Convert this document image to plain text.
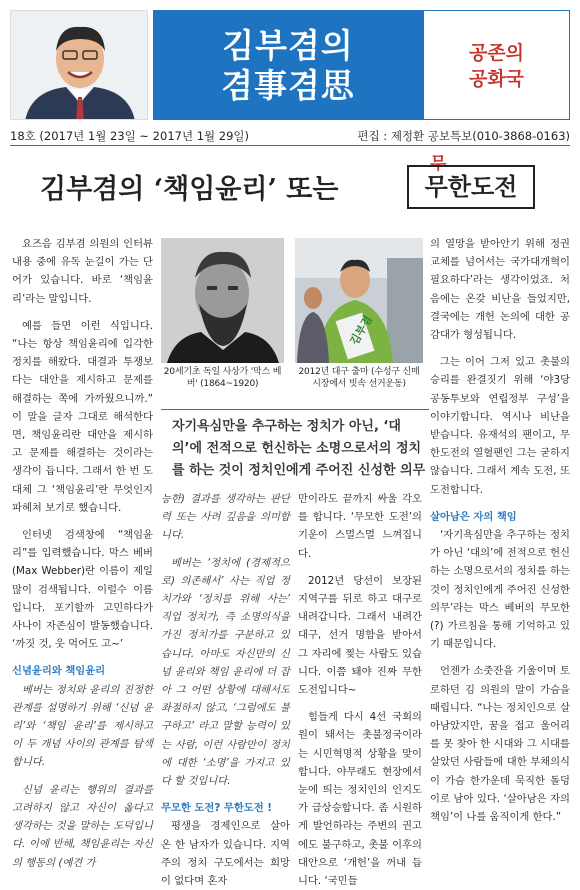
김부겸의
겸事겸思
공존의
공화국
18호 (2017년 1월 23일 ~ 2017년 1월 29일)	편집 : 제정환 공보특보(010-3868-0163)
김부겸의 ‘책임윤리’ 또는
무
무한도전

요즈음 김부겸 의원의 인터뷰 내용 중에 유독 눈길이 가는 단어가 있습니다. 바로 ‘책임윤리’라는 말입니다.

예를 들면 이런 식입니다. “나는 항상 책임윤리에 입각한 정치를 해왔다. 대결과 투쟁보다는 대안을 제시하고 문제를 해결하는 쪽에 가까웠으니까.” 이 말을 글자 그대로 해석한다면, 책임윤리란 대안을 제시하고 문제를 해결하는 것이라는 생각이 듭니다. 그래서 한 번 도대체 그 ‘책임윤리’란 무엇인지 파헤쳐 보기로 했습니다.

인터넷 검색창에 “책임윤리”를 입력했습니다. 막스 베버(Max Webber)란 이름이 제일 많이 검색됩니다. 이럴수 이름입니다. 포기할까 고민하다가 사나이 자존심이 발동했습니다. ‘까짓 것, 웃 먹어도 고~’

신념윤리와 책임윤리

베버는 정치와 윤리의 진정한 관계를 설명하기 위해 ‘신념 윤리’와 ‘책임 윤리’를 제시하고 이 두 개념 사이의 관계를 탐색합니다.

신념 윤리는 행위의 결과를 고려하지 않고 자신이 옳다고 생각하는 것을 말하는 도덕입니다. 이에 반해, 책임윤리는 자신의 행동의 (예견 가

20세기초 독일 사상가 '막스 베버' (1864~1920)
김부겸
2012년 대구 출마 (수성구 신매시장에서 빗속 선거운동)
자기욕심만을 추구하는 정치가 아닌, ‘대의’에 전적으로 헌신하는 소명으로서의 정치를 하는 것이 정치인에게 주어진 신성한 의무

능한) 결과를 생각하는 판단력 또는 사려 깊음을 의미합니다.

베버는 ‘정치에 (경제적으로) 의존해서’ 사는 직업 정치가와 ‘정치를 위해 사는’ 직업 정치가, 즉 소명의식을 가진 정치가를 구분하고 있습니다. 아마도 자신만의 신념 윤리와 책임 윤리에 더 잡아 그 어떤 상황에 대해서도 좌절하지 않고, ‘그럼에도 불구하고’ 라고 말할 능력이 있는 사람, 이런 사람만이 정치에 대한 ‘소명’을 가지고 있다 할 것입니다.

무모한 도전? 무한도전 !

평생을 경제인으로 살아 온 한 남자가 있습니다. 지역주의 정치 구도에서는 희망이 없다며 혼자

만이라도 끝까지 싸울 각오를 합니다. ‘무모한 도전’의 기운이 스멀스멀 느껴집니다.

2012년 당선이 보장된 지역구를 뒤로 하고 대구로 내려갑니다. 그래서 내려간 대구, 선거 명함을 받아서 그 자리에 찢는 사람도 있습니다. 이쯤 돼야 진짜 무한도전입니다~

힘들게 다시 4선 국회의원이 돼서는 촛불정국이라는 시민혁명적 상황을 맞이합니다. 야무래도 현장에서 눈에 띄는 정치인의 인지도가 급상승합니다. 좀 시원하게 발언하라는 주변의 권고에도 불구하고, 촛불 이후의 대안으로 ‘개헌’을 꺼내 듭니다. ‘국민들

의 열망을 받아안기 위해 정권교체를 넘어서는 국가대개혁이 필요하다’라는 생각이었죠. 처음에는 온갖 비난을 들었지만, 결국에는 개헌 논의에 대한 공감대가 형성됩니다.

그는 이어 그저 있고 촛불의 승리를 완결짓기 위해 ‘야3당 공동투보와 연립정부 구성’을 이야기합니다. 역시나 비난을 받습니다. 유재석의 팬이고, 무한도전의 열혈팬인 그는 굳하지 않습니다. 그래서 계속 도전, 또 도전합니다.

살아남은 자의 책임

‘자기욕심만을 추구하는 정치가 아닌 ‘대의’에 전적으로 헌신하는 소명으로서의 정치를 하는 것이 정치인에게 주어진 신성한 의무’라는 막스 베버의 무모한(?) 가르침을 통해 기억하고 있기 때문입니다.

언젠가 소줏잔을 기울이며 토로하던 김 의원의 말이 가슴을 때립니다. “나는 정치인으로 살아남았지만, 꿈을 접고 울어리를 못 찾아 한 시대와 그 시대를 살았던 사람들에 대한 부채의식이 가슴 한가운데 묵직한 돌덩이로 남아 있다. ‘살아남은 자의 책임’이 나를 움직이게 한다.”
